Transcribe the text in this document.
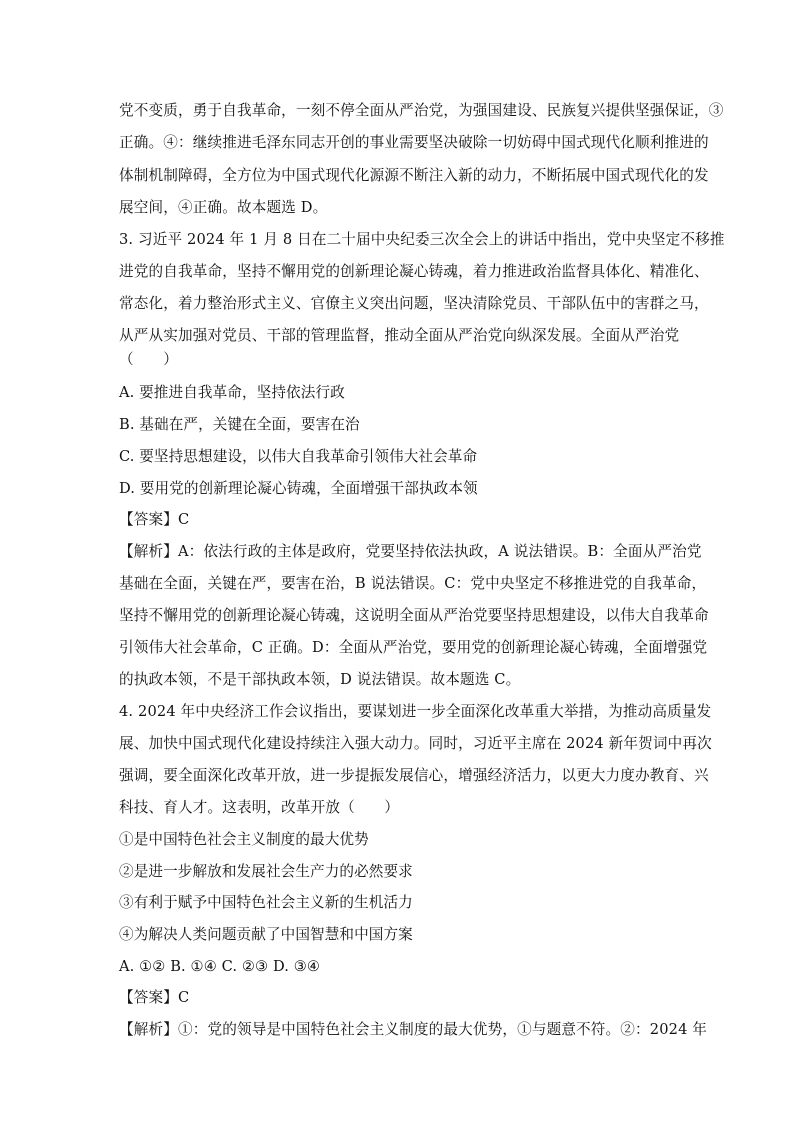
党不变质，勇于自我革命，一刻不停全面从严治党，为强国建设、民族复兴提供坚强保证，③
正确。④：继续推进毛泽东同志开创的事业需要坚决破除一切妨碍中国式现代化顺利推进的
体制机制障碍，全方位为中国式现代化源源不断注入新的动力，不断拓展中国式现代化的发
展空间，④正确。故本题选 D。
3. 习近平 2024 年 1 月 8 日在二十届中央纪委三次全会上的讲话中指出，党中央坚定不移推
进党的自我革命，坚持不懈用党的创新理论凝心铸魂，着力推进政治监督具体化、精准化、
常态化，着力整治形式主义、官僚主义突出问题，坚决清除党员、干部队伍中的害群之马，
从严从实加强对党员、干部的管理监督，推动全面从严治党向纵深发展。全面从严治党
（　　）
A. 要推进自我革命，坚持依法行政
B. 基础在严，关键在全面，要害在治
C. 要坚持思想建设，以伟大自我革命引领伟大社会革命
D. 要用党的创新理论凝心铸魂，全面增强干部执政本领
【答案】C
【解析】A：依法行政的主体是政府，党要坚持依法执政，A 说法错误。B：全面从严治党
基础在全面，关键在严，要害在治，B 说法错误。C：党中央坚定不移推进党的自我革命，
坚持不懈用党的创新理论凝心铸魂，这说明全面从严治党要坚持思想建设，以伟大自我革命
引领伟大社会革命，C 正确。D：全面从严治党，要用党的创新理论凝心铸魂，全面增强党
的执政本领，不是干部执政本领，D 说法错误。故本题选 C。
4. 2024 年中央经济工作会议指出，要谋划进一步全面深化改革重大举措，为推动高质量发
展、加快中国式现代化建设持续注入强大动力。同时，习近平主席在 2024 新年贺词中再次
强调，要全面深化改革开放，进一步提振发展信心，增强经济活力，以更大力度办教育、兴
科技、育人才。这表明，改革开放（　　）
①是中国特色社会主义制度的最大优势
②是进一步解放和发展社会生产力的必然要求
③有利于赋予中国特色社会主义新的生机活力
④为解决人类问题贡献了中国智慧和中国方案
A. ①② B. ①④ C. ②③ D. ③④
【答案】C
【解析】①：党的领导是中国特色社会主义制度的最大优势，①与题意不符。②：2024 年
